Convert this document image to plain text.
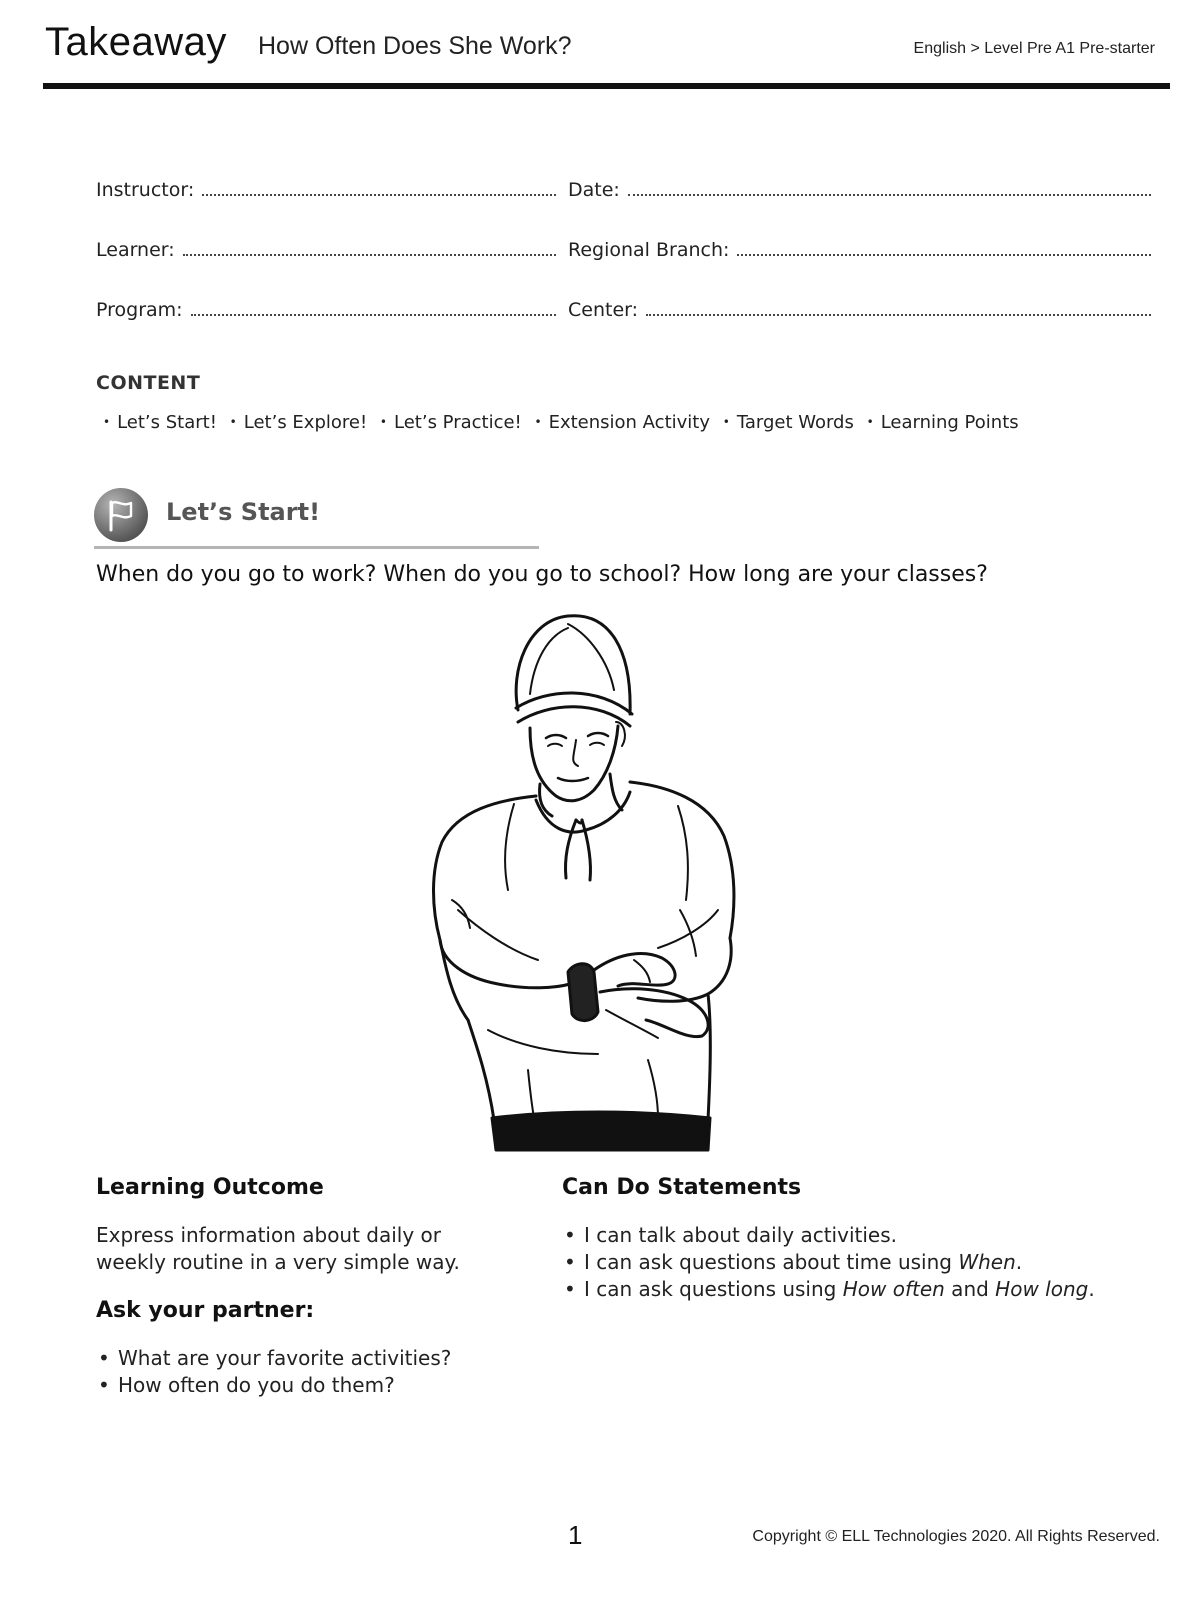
Takeaway How Often Does She Work?	English > Level Pre A1 Pre-starter
Instructor:	Date:
Learner:	Regional Branch:
Program:	Center:
CONTENT
• Let’s Start! • Let’s Explore! • Let’s Practice! • Extension Activity • Target Words • Learning Points
Let’s Start!
When do you go to work? When do you go to school? How long are your classes?
Learning Outcome
Express information about daily or weekly routine in a very simple way.
Ask your partner:
• What are your favorite activities?
• How often do you do them?
Can Do Statements
• I can talk about daily activities.
• I can ask questions about time using When.
• I can ask questions using How often and How long.
1	Copyright © ELL Technologies 2020. All Rights Reserved.
